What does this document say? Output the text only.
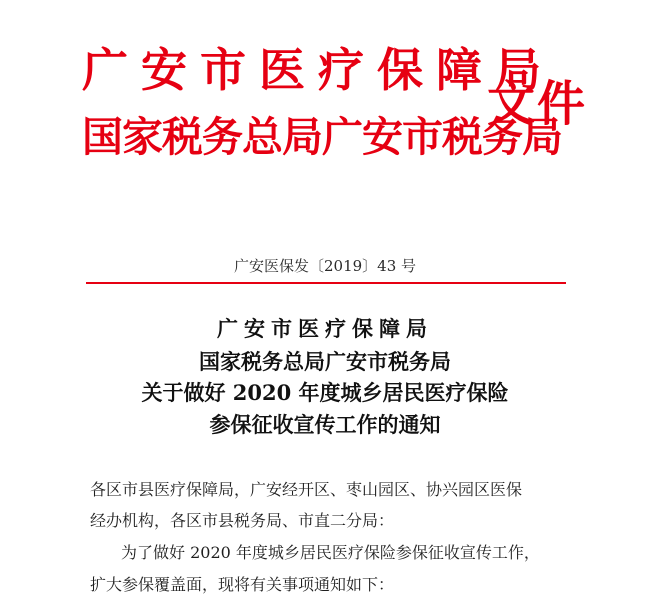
广安市医疗保障局
国家税务总局广安市税务局
文件
广安医保发〔2019〕43 号
广安市医疗保障局
国家税务总局广安市税务局
关于做好 2020 年度城乡居民医疗保险
参保征收宣传工作的通知
各区市县医疗保障局，广安经开区、枣山园区、协兴园区医保
经办机构，各区市县税务局、市直二分局：
为了做好 2020 年度城乡居民医疗保险参保征收宣传工作，
扩大参保覆盖面，现将有关事项通知如下：
